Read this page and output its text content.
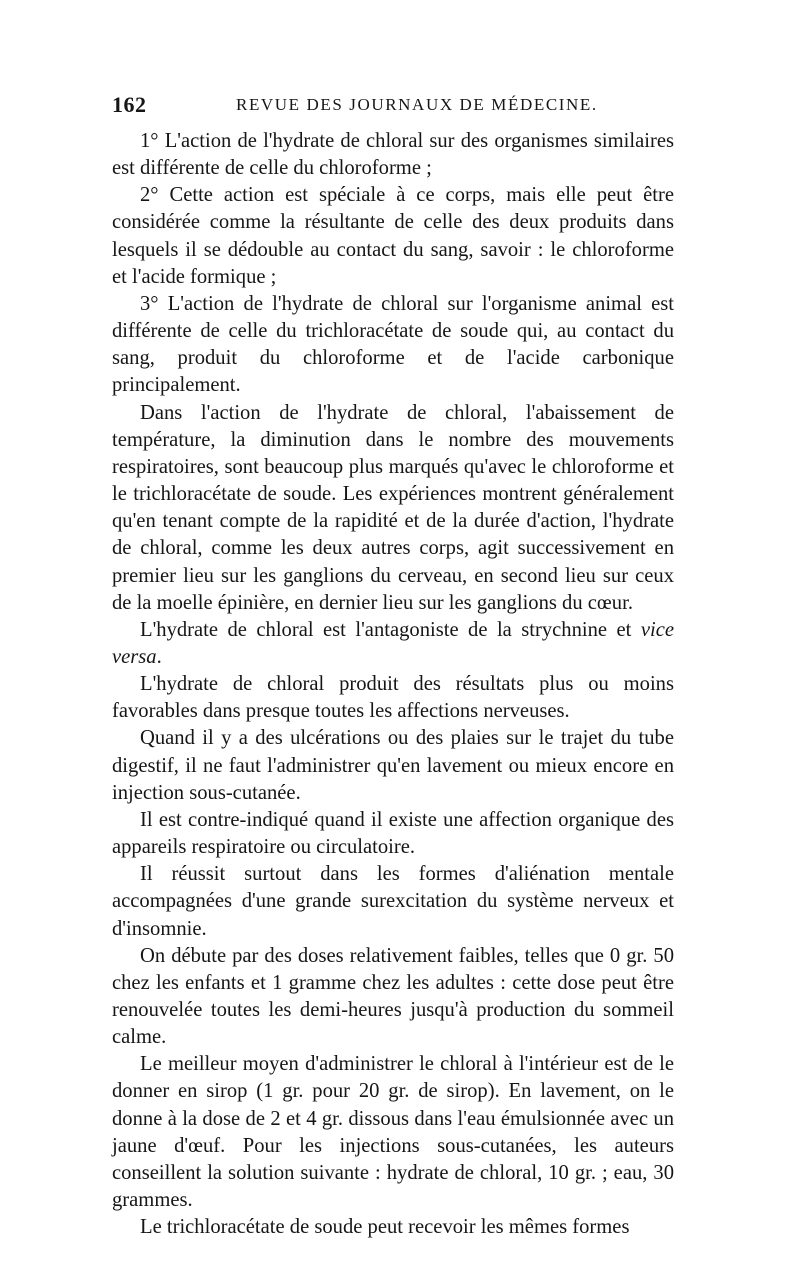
162	REVUE DES JOURNAUX DE MÉDECINE.

1° L'action de l'hydrate de chloral sur des organismes similaires est différente de celle du chloroforme ;

2° Cette action est spéciale à ce corps, mais elle peut être considérée comme la résultante de celle des deux produits dans lesquels il se dédouble au contact du sang, savoir : le chloroforme et l'acide formique ;

3° L'action de l'hydrate de chloral sur l'organisme animal est différente de celle du trichloracétate de soude qui, au contact du sang, produit du chloroforme et de l'acide carbonique principalement.

Dans l'action de l'hydrate de chloral, l'abaissement de température, la diminution dans le nombre des mouvements respiratoires, sont beaucoup plus marqués qu'avec le chloroforme et le trichloracétate de soude. Les expériences montrent généralement qu'en tenant compte de la rapidité et de la durée d'action, l'hydrate de chloral, comme les deux autres corps, agit successivement en premier lieu sur les ganglions du cerveau, en second lieu sur ceux de la moelle épinière, en dernier lieu sur les ganglions du cœur.

L'hydrate de chloral est l'antagoniste de la strychnine et vice versa.

L'hydrate de chloral produit des résultats plus ou moins favorables dans presque toutes les affections nerveuses.

Quand il y a des ulcérations ou des plaies sur le trajet du tube digestif, il ne faut l'administrer qu'en lavement ou mieux encore en injection sous-cutanée.

Il est contre-indiqué quand il existe une affection organique des appareils respiratoire ou circulatoire.

Il réussit surtout dans les formes d'aliénation mentale accompagnées d'une grande surexcitation du système nerveux et d'insomnie.

On débute par des doses relativement faibles, telles que 0 gr. 50 chez les enfants et 1 gramme chez les adultes : cette dose peut être renouvelée toutes les demi-heures jusqu'à production du sommeil calme.

Le meilleur moyen d'administrer le chloral à l'intérieur est de le donner en sirop (1 gr. pour 20 gr. de sirop). En lavement, on le donne à la dose de 2 et 4 gr. dissous dans l'eau émulsionnée avec un jaune d'œuf. Pour les injections sous-cutanées, les auteurs conseillent la solution suivante : hydrate de chloral, 10 gr. ; eau, 30 grammes.

Le trichloracétate de soude peut recevoir les mêmes formes
